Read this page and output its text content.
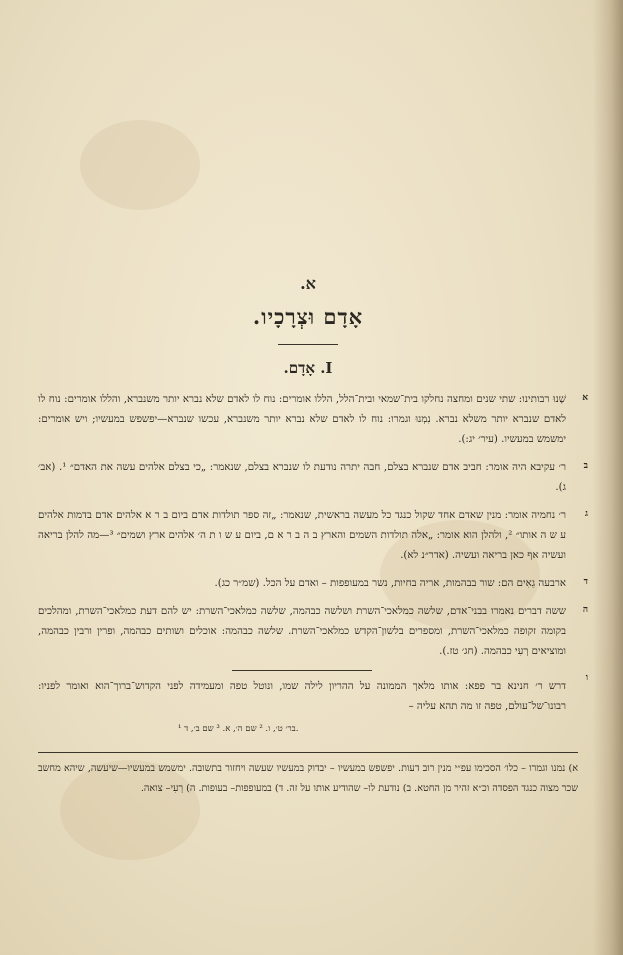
א.
אָדָם וּצְרָכָיו.
I. אָדָם.
א
שָׁנוּ רבותינו: שתי שנים ומחצה נחלקו בית־שמאי ובית־הלל, הללו אומרים: נוח לו לאדם שלא נברא יותר משנברא, והללו אומרים: נוח לו לאדם שנברא יותר משלא נברא. נִמְנוּ וגמרו: נוח לו לאדם שלא נברא יותר משנברא, עכשו שנברא—יפשפש במעשיו; ויש אומרים: ימשמש במעשיו. (עיר׳ יג:).
ב
ר׳ עקיבא היה אומר: חביב אדם שנברא בצלם, חבה יתרה נודעת לו שנברא בצלם, שנאמר: „כי בצלם אלהים עשה את האדם״ ¹. (אב׳ ג).
ג
ר׳ נחמיה אומר: מנין שאדם אחד שקול כנגד כל מעשה בראשית, שנאמר: „זה ספר תולדות אדם ביום ב ר א אלהים אדם בדמות אלהים ע ש ה אותו״ ², ולהלן הוא אומר: „אלה תולדות השמים והארץ ב ה ב ר א ם, ביום ע ש ו ת ה׳ אלהים ארץ ושמים״ ³—מה להלן בריאה ועשיה אף כאן בריאה ועשיה. (אדר״נ לא).
ד
ארבעה גֵאִים הם: שור בבהמות, אריה בחיות, נשר במעופפות – ואדם על הכל. (שמ״ר כג).
ה
ששה דברים נאמרו בבני־אדם, שלשה כמלאכי־השרת ושלשה כבהמה, שלשה כמלאכי־השרת: יש להם דעת כמלאכי־השרת, ומהלכים בקומה זקופה כמלאכי־השרת, ומספרים בלשון־הקדש כמלאכי־השרת. שלשה כבהמה: אוכלים ושותים כבהמה, ופרין ורבין כבהמה, ומוציאים רְעִי כבהמה. (חג׳ טז.).
ו
דרש ר׳ חנינא בר פפא: אותו מלאך הממונה על ההריון לילה שמו, ונוטל טפה ומעמידה לפני הקדוש־ברוך־הוא ואומר לפניו: רבונו־של־עולם, טפה זו מה תהא עליה –
¹ בר׳ ט׳, ו. ² שם ה׳, א. ³ שם ב׳, ד.
א) נמנו וגמרו – כלו׳ הסכימו עפ״י מנין רוב דעות. יפשפש במעשיו – יבדוק במעשיו שעשה ויחזור בתשובה. ימשמש במעשיו—שיעשה, שיהא מחשב שכר מצוה כנגד הפסדה וכ״א זהיר מן החטא. ב) נודעת לו– שהודיע אותו על זה. ד) במעופפות– בעופות. ה) רְעִי– צואה.
